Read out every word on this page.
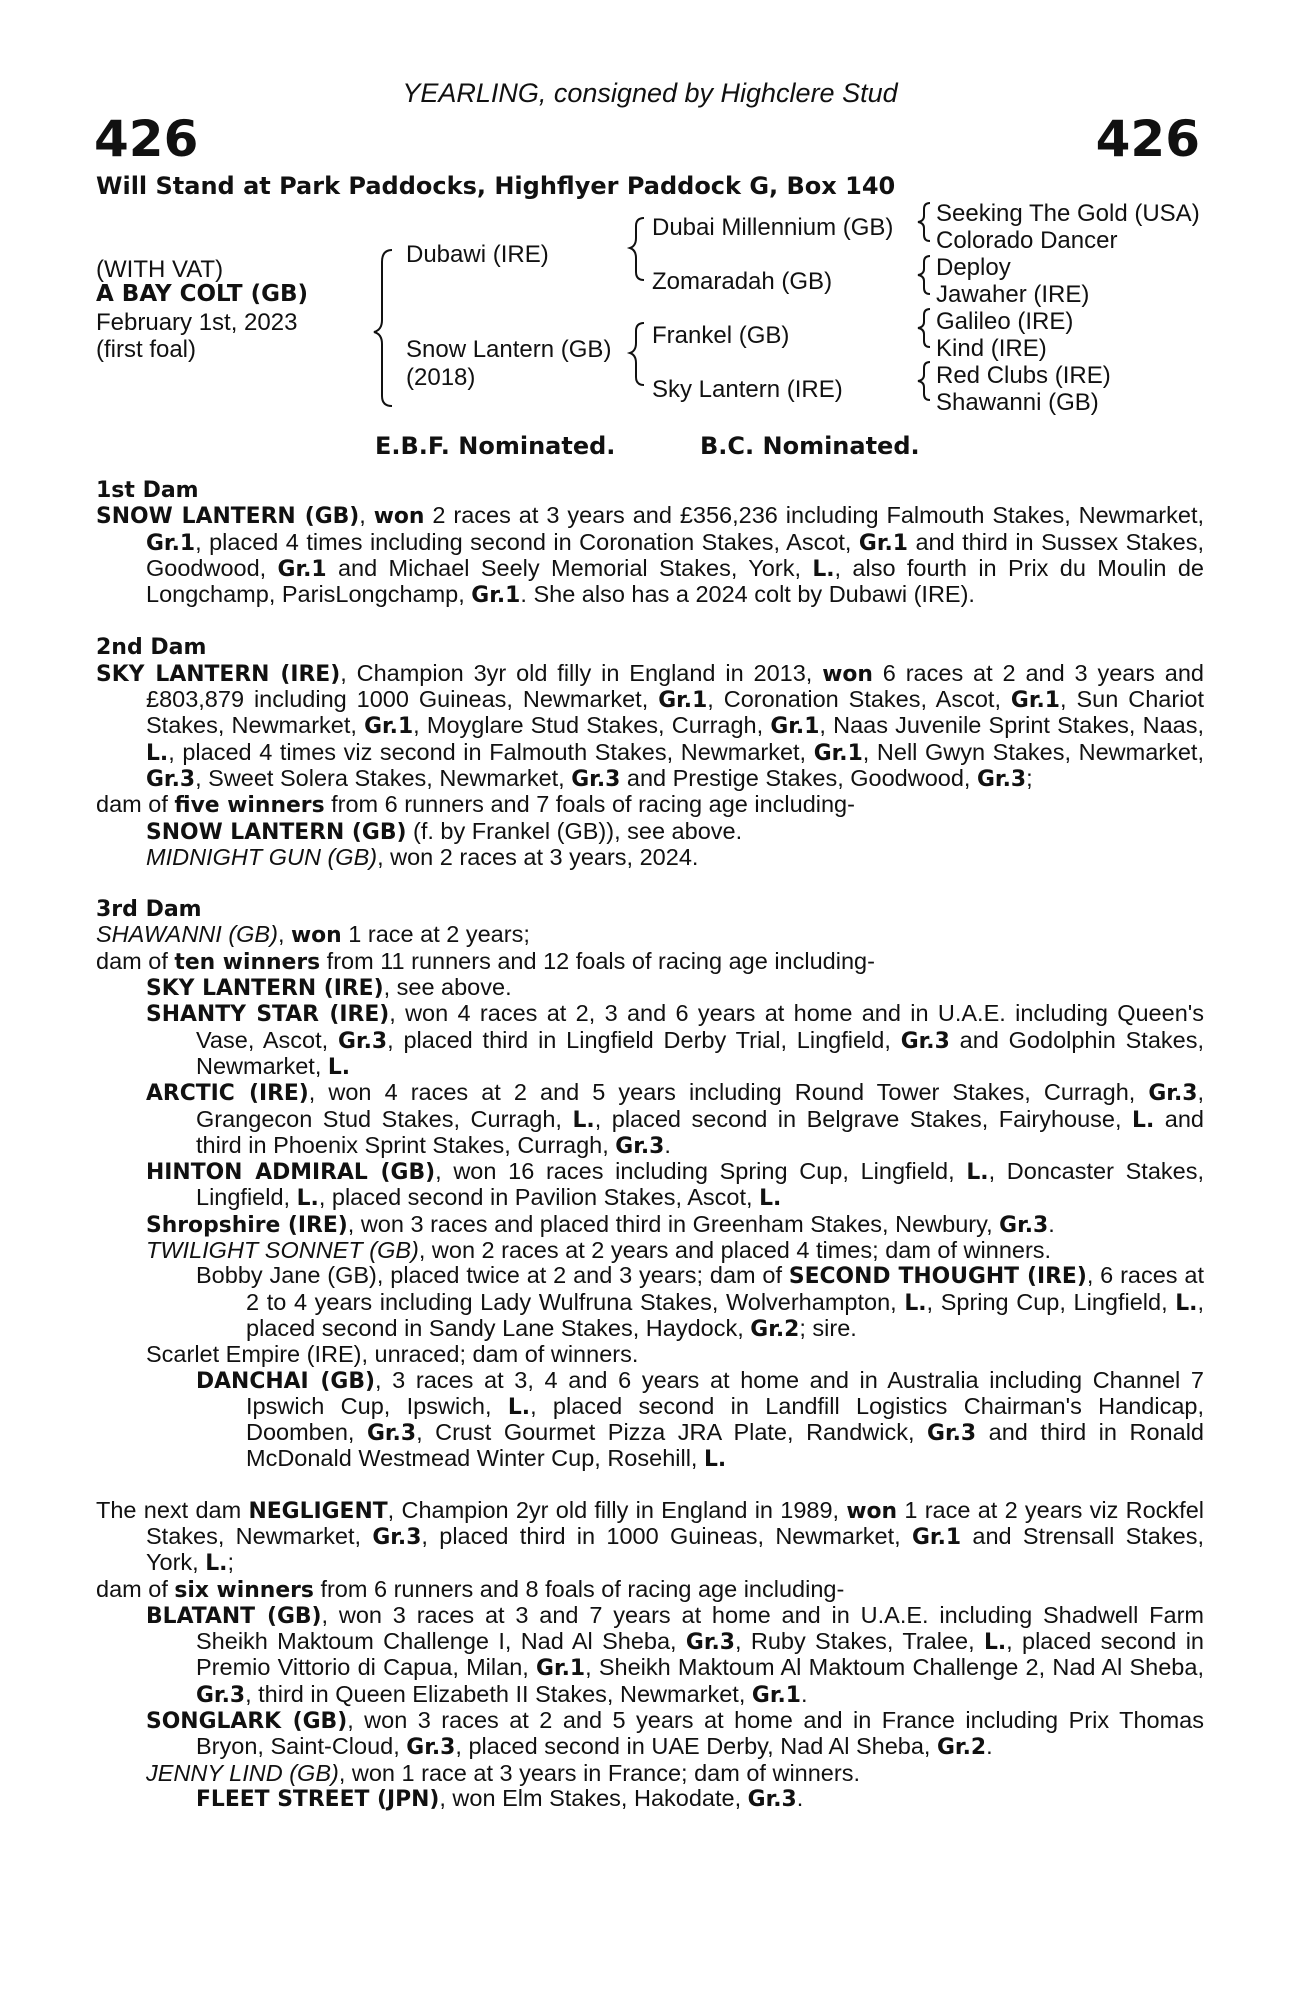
YEARLING, consigned by Highclere Stud
426	426
Will Stand at Park Paddocks, Highflyer Paddock G, Box 140
(WITH VAT)
A BAY COLT (GB)
February 1st, 2023
(first foal)
Dubawi (IRE)
Snow Lantern (GB)
(2018)
Dubai Millennium (GB)
Zomaradah (GB)
Frankel (GB)
Sky Lantern (IRE)
Seeking The Gold (USA)
Colorado Dancer
Deploy
Jawaher (IRE)
Galileo (IRE)
Kind (IRE)
Red Clubs (IRE)
Shawanni (GB)
E.B.F. Nominated.	B.C. Nominated.
1st Dam
SNOW LANTERN (GB), won 2 races at 3 years and £356,236 including Falmouth Stakes, Newmarket, Gr.1, placed 4 times including second in Coronation Stakes, Ascot, Gr.1 and third in Sussex Stakes, Goodwood, Gr.1 and Michael Seely Memorial Stakes, York, L., also fourth in Prix du Moulin de Longchamp, ParisLongchamp, Gr.1. She also has a 2024 colt by Dubawi (IRE).
2nd Dam
SKY LANTERN (IRE), Champion 3yr old filly in England in 2013, won 6 races at 2 and 3 years and £803,879 including 1000 Guineas, Newmarket, Gr.1, Coronation Stakes, Ascot, Gr.1, Sun Chariot Stakes, Newmarket, Gr.1, Moyglare Stud Stakes, Curragh, Gr.1, Naas Juvenile Sprint Stakes, Naas, L., placed 4 times viz second in Falmouth Stakes, Newmarket, Gr.1, Nell Gwyn Stakes, Newmarket, Gr.3, Sweet Solera Stakes, Newmarket, Gr.3 and Prestige Stakes, Goodwood, Gr.3;
dam of five winners from 6 runners and 7 foals of racing age including-
SNOW LANTERN (GB) (f. by Frankel (GB)), see above.
MIDNIGHT GUN (GB), won 2 races at 3 years, 2024.
3rd Dam
SHAWANNI (GB), won 1 race at 2 years;
dam of ten winners from 11 runners and 12 foals of racing age including-
SKY LANTERN (IRE), see above.
SHANTY STAR (IRE), won 4 races at 2, 3 and 6 years at home and in U.A.E. including Queen's Vase, Ascot, Gr.3, placed third in Lingfield Derby Trial, Lingfield, Gr.3 and Godolphin Stakes, Newmarket, L.
ARCTIC (IRE), won 4 races at 2 and 5 years including Round Tower Stakes, Curragh, Gr.3, Grangecon Stud Stakes, Curragh, L., placed second in Belgrave Stakes, Fairyhouse, L. and third in Phoenix Sprint Stakes, Curragh, Gr.3.
HINTON ADMIRAL (GB), won 16 races including Spring Cup, Lingfield, L., Doncaster Stakes, Lingfield, L., placed second in Pavilion Stakes, Ascot, L.
Shropshire (IRE), won 3 races and placed third in Greenham Stakes, Newbury, Gr.3.
TWILIGHT SONNET (GB), won 2 races at 2 years and placed 4 times; dam of winners.
Bobby Jane (GB), placed twice at 2 and 3 years; dam of SECOND THOUGHT (IRE), 6 races at 2 to 4 years including Lady Wulfruna Stakes, Wolverhampton, L., Spring Cup, Lingfield, L., placed second in Sandy Lane Stakes, Haydock, Gr.2; sire.
Scarlet Empire (IRE), unraced; dam of winners.
DANCHAI (GB), 3 races at 3, 4 and 6 years at home and in Australia including Channel 7 Ipswich Cup, Ipswich, L., placed second in Landfill Logistics Chairman's Handicap, Doomben, Gr.3, Crust Gourmet Pizza JRA Plate, Randwick, Gr.3 and third in Ronald McDonald Westmead Winter Cup, Rosehill, L.
The next dam NEGLIGENT, Champion 2yr old filly in England in 1989, won 1 race at 2 years viz Rockfel Stakes, Newmarket, Gr.3, placed third in 1000 Guineas, Newmarket, Gr.1 and Strensall Stakes, York, L.;
dam of six winners from 6 runners and 8 foals of racing age including-
BLATANT (GB), won 3 races at 3 and 7 years at home and in U.A.E. including Shadwell Farm Sheikh Maktoum Challenge I, Nad Al Sheba, Gr.3, Ruby Stakes, Tralee, L., placed second in Premio Vittorio di Capua, Milan, Gr.1, Sheikh Maktoum Al Maktoum Challenge 2, Nad Al Sheba, Gr.3, third in Queen Elizabeth II Stakes, Newmarket, Gr.1.
SONGLARK (GB), won 3 races at 2 and 5 years at home and in France including Prix Thomas Bryon, Saint-Cloud, Gr.3, placed second in UAE Derby, Nad Al Sheba, Gr.2.
JENNY LIND (GB), won 1 race at 3 years in France; dam of winners.
FLEET STREET (JPN), won Elm Stakes, Hakodate, Gr.3.
